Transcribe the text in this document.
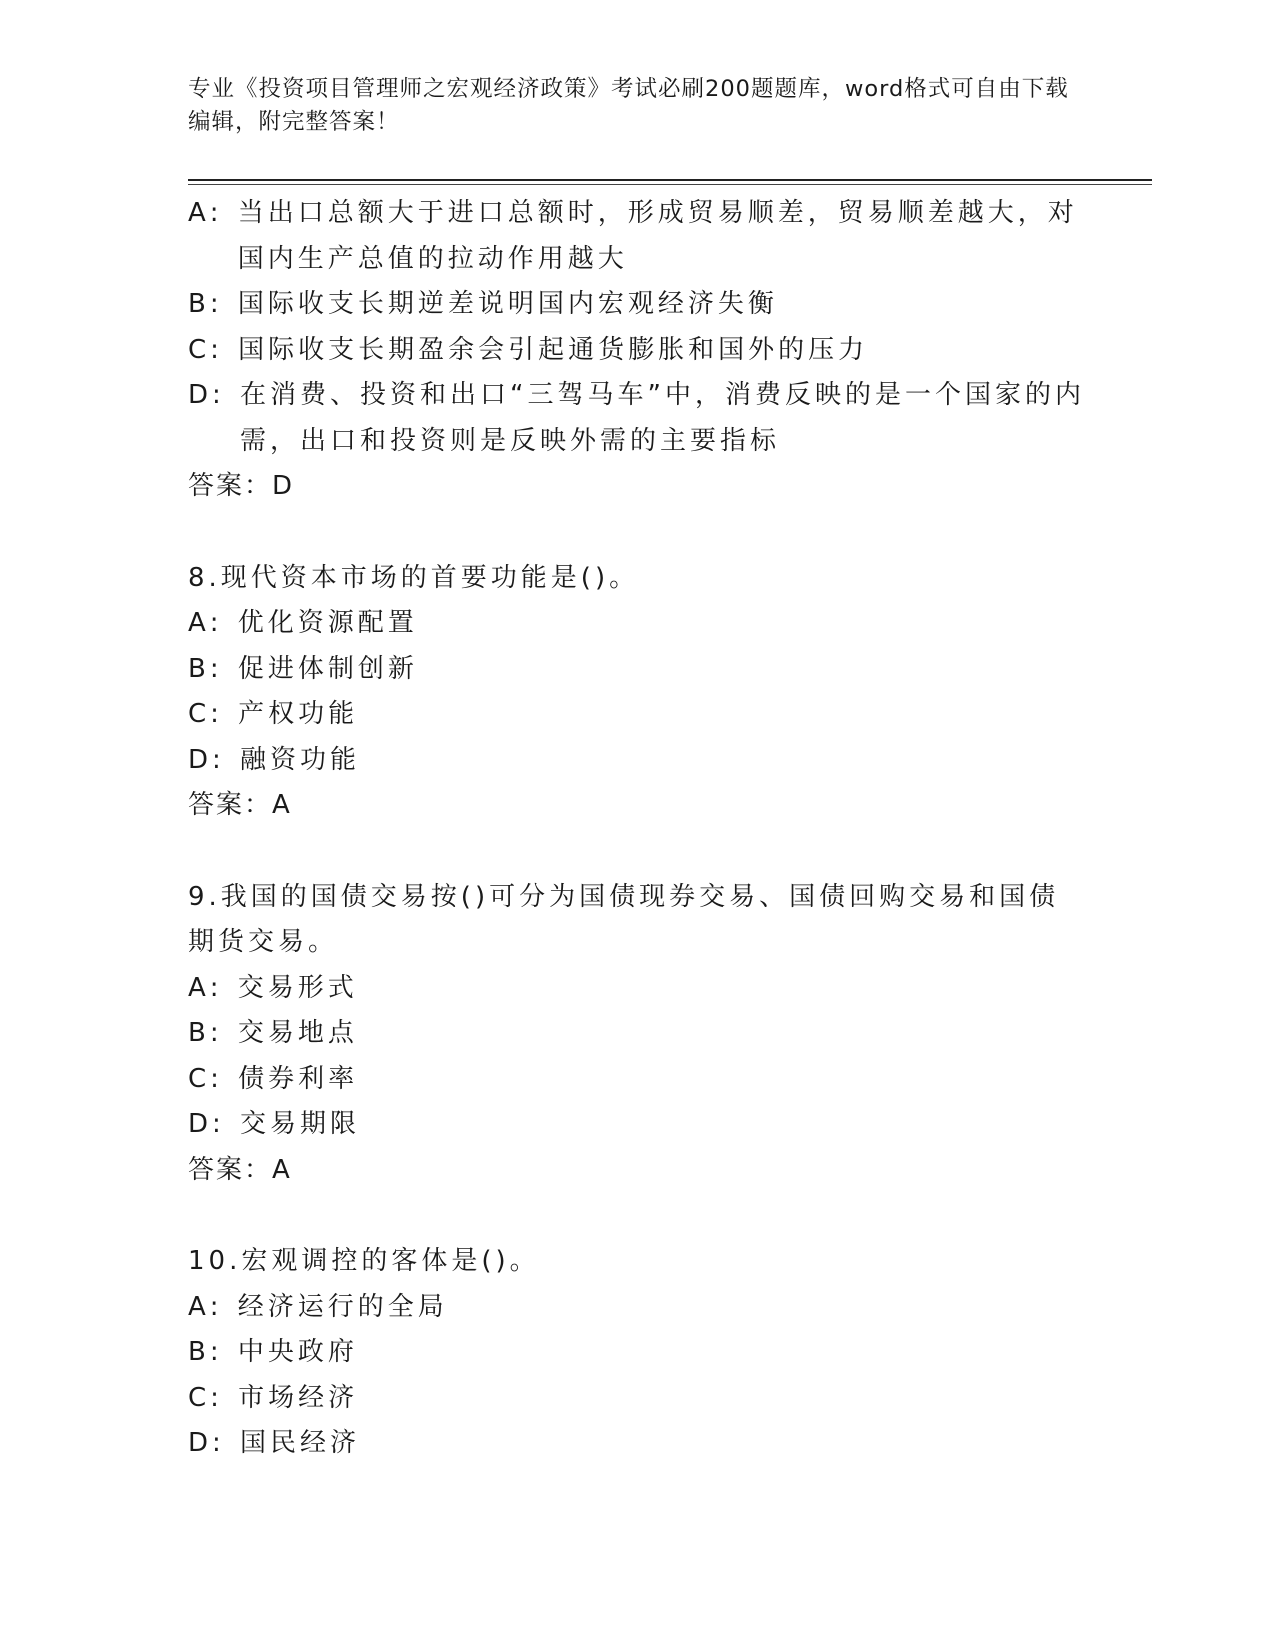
专业《投资项目管理师之宏观经济政策》考试必刷200题题库，word格式可自由下载编辑，附完整答案！
A : 当出口总额大于进口总额时，形成贸易顺差，贸易顺差越大，对国内生产总值的拉动作用越大
B : 国际收支长期逆差说明国内宏观经济失衡
C : 国际收支长期盈余会引起通货膨胀和国外的压力
D : 在消费、投资和出口“三驾马车”中，消费反映的是一个国家的内需，出口和投资则是反映外需的主要指标
答案：D
8.现代资本市场的首要功能是()。
A : 优化资源配置
B : 促进体制创新
C : 产权功能
D : 融资功能
答案：A
9.我国的国债交易按()可分为国债现券交易、国债回购交易和国债期货交易。
A : 交易形式
B : 交易地点
C : 债券利率
D : 交易期限
答案：A
10.宏观调控的客体是()。
A : 经济运行的全局
B : 中央政府
C : 市场经济
D : 国民经济
